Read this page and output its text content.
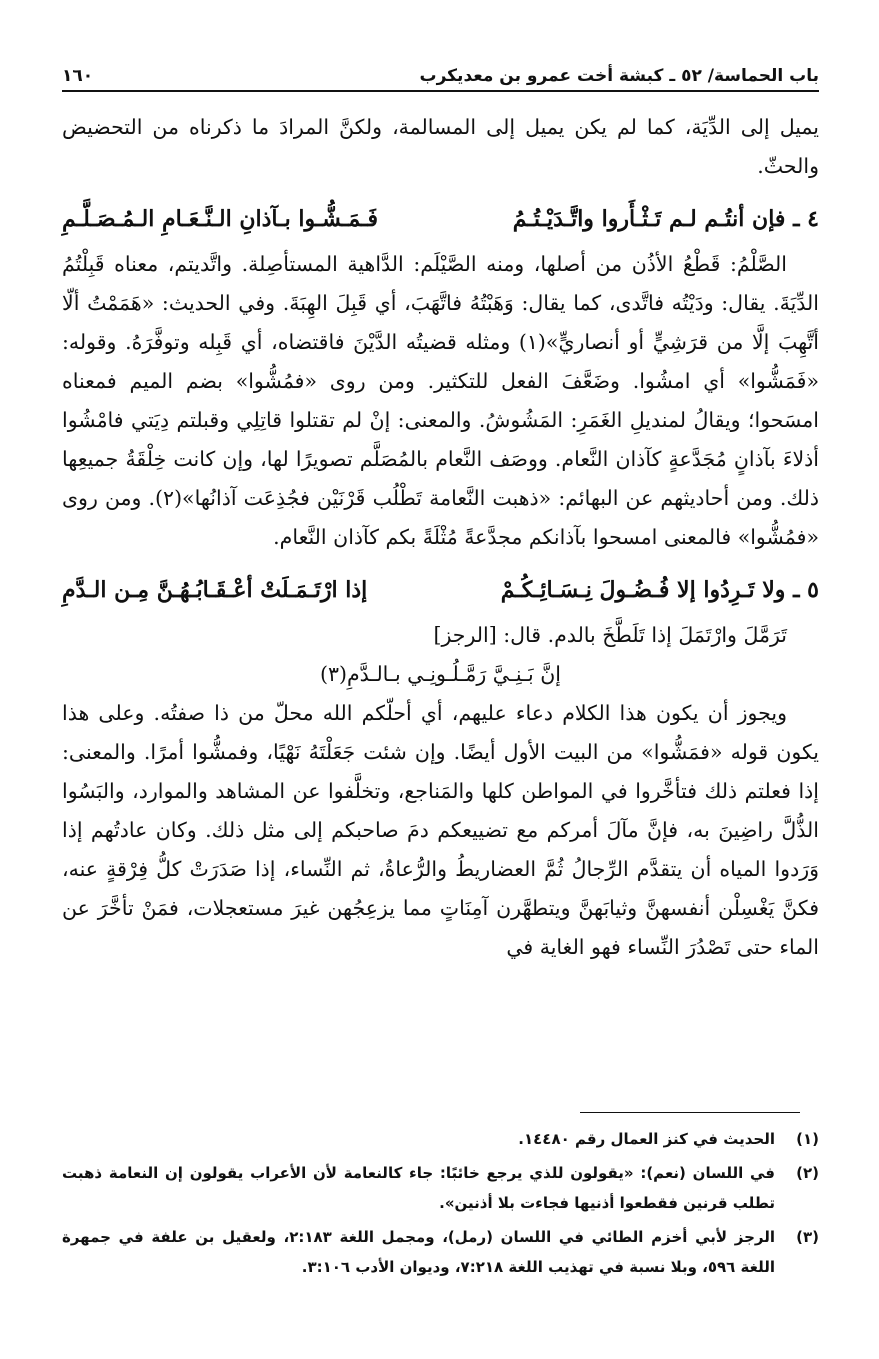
باب الحماسة/ ٥٢ ـ كبشة أخت عمرو بن معديكرب
١٦٠

يميل إلى الدِّيَة، كما لم يكن يميل إلى المسالمة، ولكنَّ المرادَ ما ذكرناه من التحضيض والحثّ.

٤ ـ فإن أنتُـم لـم تَـثْـأَروا واتَّـدَيْـتُـمُ
فَـمَـشُّـوا بـآذانِ الـنَّـعَـامِ الـمُـصَـلَّـمِ

الصَّلْمُ: قَطْعُ الأذُن من أصلها، ومنه الصَّيْلَم: الدَّاهية المستأصِلة. واتَّديتم، معناه قَبِلْتُمُ الدِّيَةَ. يقال: ودَيْتُه فاتَّدى، كما يقال: وَهَبْتُهُ فاتَّهَبَ، أي قَبِلَ الهِبَةَ. وفي الحديث: «هَمَمْتُ ألّا أتَّهِبَ إلَّا من قرَشِيٍّ أو أنصاريٍّ»(١) ومثله قضيتُه الدَّيْنَ فاقتضاه، أي قَبِله وتوفَّرَهُ. وقوله: «فَمَشُّوا» أي امشُوا. وضَعَّفَ الفعل للتكثير. ومن روى «فمُشُّوا» بضم الميم فمعناه امسَحوا؛ ويقالُ لمنديلِ الغَمَرِ: المَشُوشُ. والمعنى: إنْ لم تقتلوا قاتِلِي وقبلتم دِيَتي فامْشُوا أذلاءَ بآذانٍ مُجَدَّعةٍ كآذان النَّعام. ووصَف النَّعام بالمُصَلَّم تصويرًا لها، وإن كانت خِلْقَةُ جميعِها ذلك. ومن أحاديثهم عن البهائم: «ذهبت النَّعامة تَطْلُب قَرْنَيْن فجُذِعَت آذانُها»(٢). ومن روى «فمُشُّوا» فالمعنى امسحوا بآذانكم مجدَّعةً مُثْلَةً بكم كآذان النَّعام.

٥ ـ ولا تَـرِدُوا إلا فُـضُـولَ نِـسَـائِـكُـمْ
إذا ارْتَـمَـلَتْ أعْـقَـابُـهُـنَّ مِـن الـدَّمِ

تَرَمَّلَ وارْتَمَلَ إذا تَلَطَّخَ بالدم. قال: [الرجز]

إنَّ بَـنِـيَّ رَمَّـلُـونِـي بـالـدَّمِ(٣)

ويجوز أن يكون هذا الكلام دعاء عليهم، أي أحلّكم الله محلّ من ذا صفتُه. وعلى هذا يكون قوله «فمَشُّوا» من البيت الأول أيضًا. وإن شئت جَعَلْتَهُ نَهْيًا، وفمشُّوا أمرًا. والمعنى: إذا فعلتم ذلك فتأخَّروا في المواطن كلها والمَناجع، وتخلَّفوا عن المشاهد والموارد، والبَسُوا الذُّلَّ راضِينَ به، فإنَّ مآلَ أمركم مع تضييعكم دمَ صاحبكم إلى مثل ذلك. وكان عادتُهم إذا وَرَدوا المياه أن يتقدَّم الرِّجالُ ثُمَّ العضاريطُ والرُّعاةُ، ثم النِّساء، إذا صَدَرَتْ كلُّ فِرْقةٍ عنه، فكنَّ يَغْسِلْن أنفسهنَّ وثيابَهنَّ ويتطهَّرن آمِنَاتٍ مما يزعِجُهن غيرَ مستعجلات، فمَنْ تأخَّرَ عن الماء حتى تَصْدُرَ النِّساء فهو الغاية في

(١)
الحديث في كنز العمال رقم ١٤٤٨٠.
(٢)
في اللسان (نعم): «يقولون للذي يرجع خائبًا: جاء كالنعامة لأن الأعراب يقولون إن النعامة ذهبت تطلب قرنين فقطعوا أذنيها فجاءت بلا أذنين».
(٣)
الرجز لأبي أخزم الطائي في اللسان (رمل)، ومجمل اللغة ٢:١٨٣، ولعقيل بن علفة في جمهرة اللغة ٥٩٦، وبلا نسبة في تهذيب اللغة ٧:٢١٨، وديوان الأدب ٣:١٠٦.
